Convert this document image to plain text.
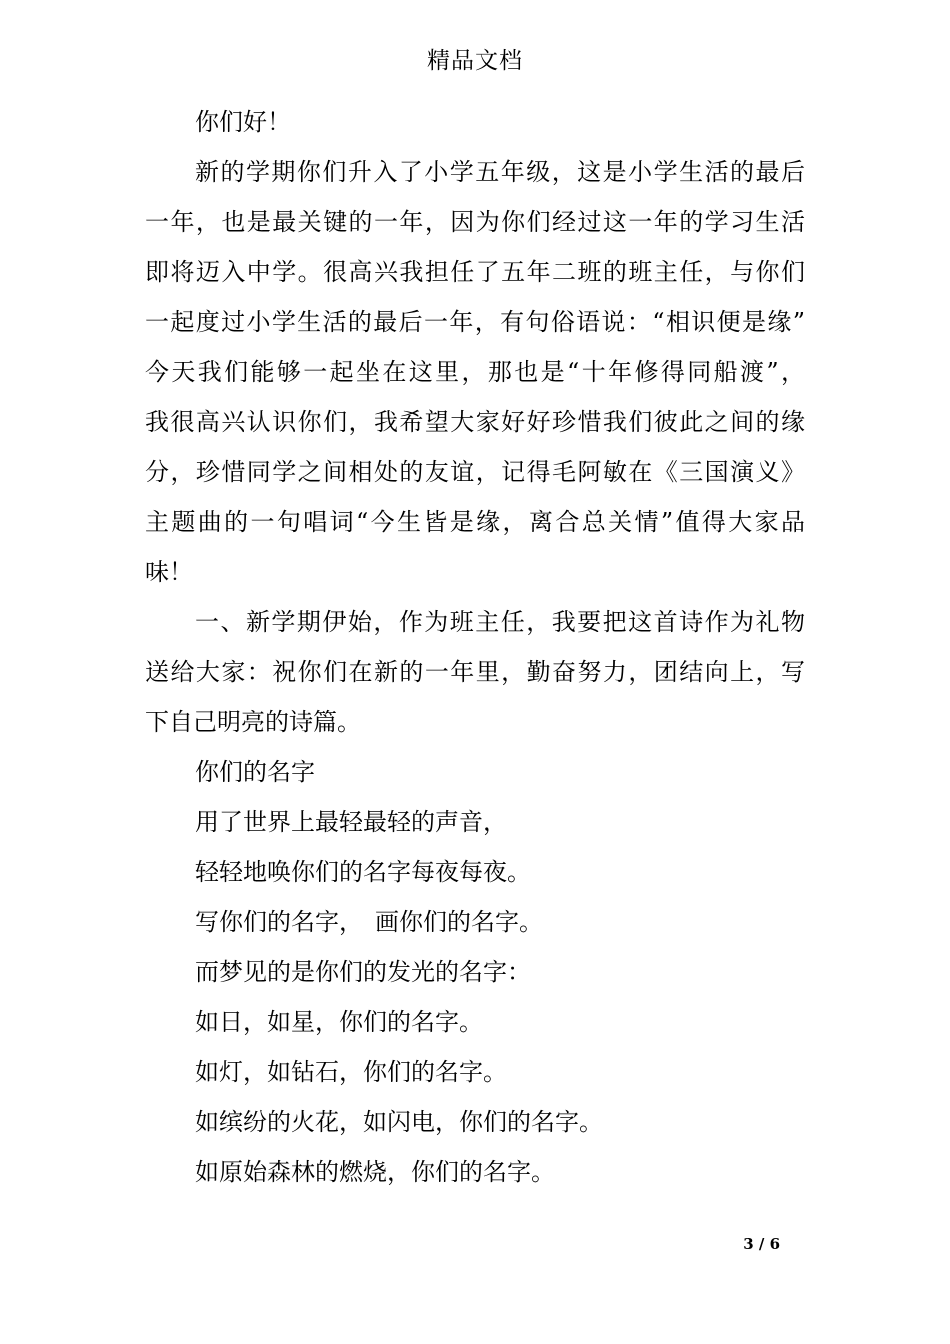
精品文档
你们好！
新的学期你们升入了小学五年级，这是小学生活的最后
一年，也是最关键的一年，因为你们经过这一年的学习生活
即将迈入中学。很高兴我担任了五年二班的班主任，与你们
一起度过小学生活的最后一年，有句俗语说：“相识便是缘”
今天我们能够一起坐在这里，那也是“十年修得同船渡”，
我很高兴认识你们，我希望大家好好珍惜我们彼此之间的缘
分，珍惜同学之间相处的友谊，记得毛阿敏在《三国演义》
主题曲的一句唱词“今生皆是缘，离合总关情”值得大家品
味！
一、新学期伊始，作为班主任，我要把这首诗作为礼物
送给大家：祝你们在新的一年里，勤奋努力，团结向上，写
下自己明亮的诗篇。
你们的名字
用了世界上最轻最轻的声音，
轻轻地唤你们的名字每夜每夜。
写你们的名字，　画你们的名字。
而梦见的是你们的发光的名字：
如日，如星，你们的名字。
如灯，如钻石，你们的名字。
如缤纷的火花，如闪电，你们的名字。
如原始森林的燃烧，你们的名字。
3 / 6
